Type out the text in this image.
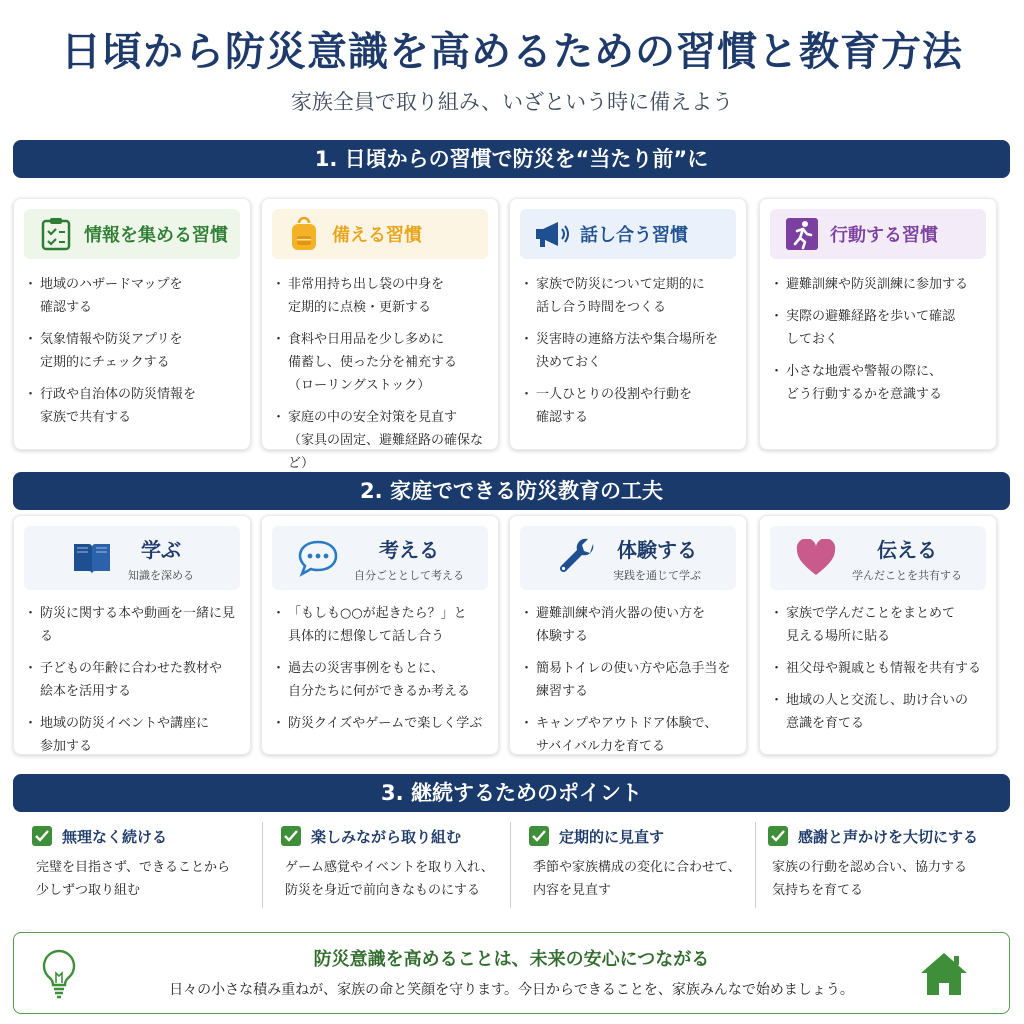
日頃から防災意識を高めるための習慣と教育方法
家族全員で取り組み、いざという時に備えよう
1. 日頃からの習慣で防災を“当たり前”に
情報を集める習慣
・ 地域のハザードマップを
確認する
・ 気象情報や防災アプリを
定期的にチェックする
・ 行政や自治体の防災情報を
家族で共有する
備える習慣
・ 非常用持ち出し袋の中身を
定期的に点検・更新する
・ 食料や日用品を少し多めに
備蓄し、使った分を補充する
（ローリングストック）
・ 家庭の中の安全対策を見直す
（家具の固定、避難経路の確保など）
話し合う習慣
・ 家族で防災について定期的に
話し合う時間をつくる
・ 災害時の連絡方法や集合場所を
決めておく
・ 一人ひとりの役割や行動を
確認する
行動する習慣
・ 避難訓練や防災訓練に参加する
・ 実際の避難経路を歩いて確認
しておく
・ 小さな地震や警報の際に、
どう行動するかを意識する
2. 家庭でできる防災教育の工夫
学ぶ
知識を深める
・ 防災に関する本や動画を一緒に見る
・ 子どもの年齢に合わせた教材や
絵本を活用する
・ 地域の防災イベントや講座に
参加する
考える
自分ごととして考える
・ 「もしも○○が起きたら？」と
具体的に想像して話し合う
・ 過去の災害事例をもとに、
自分たちに何ができるか考える
・ 防災クイズやゲームで楽しく学ぶ
体験する
実践を通じて学ぶ
・ 避難訓練や消火器の使い方を
体験する
・ 簡易トイレの使い方や応急手当を
練習する
・ キャンプやアウトドア体験で、
サバイバル力を育てる
伝える
学んだことを共有する
・ 家族で学んだことをまとめて
見える場所に貼る
・ 祖父母や親戚とも情報を共有する
・ 地域の人と交流し、助け合いの
意識を育てる
3. 継続するためのポイント
無理なく続ける
完璧を目指さず、できることから
少しずつ取り組む
楽しみながら取り組む
ゲーム感覚やイベントを取り入れ、
防災を身近で前向きなものにする
定期的に見直す
季節や家族構成の変化に合わせて、
内容を見直す
感謝と声かけを大切にする
家族の行動を認め合い、協力する
気持ちを育てる
防災意識を高めることは、未来の安心につながる
日々の小さな積み重ねが、家族の命と笑顔を守ります。今日からできることを、家族みんなで始めましょう。
